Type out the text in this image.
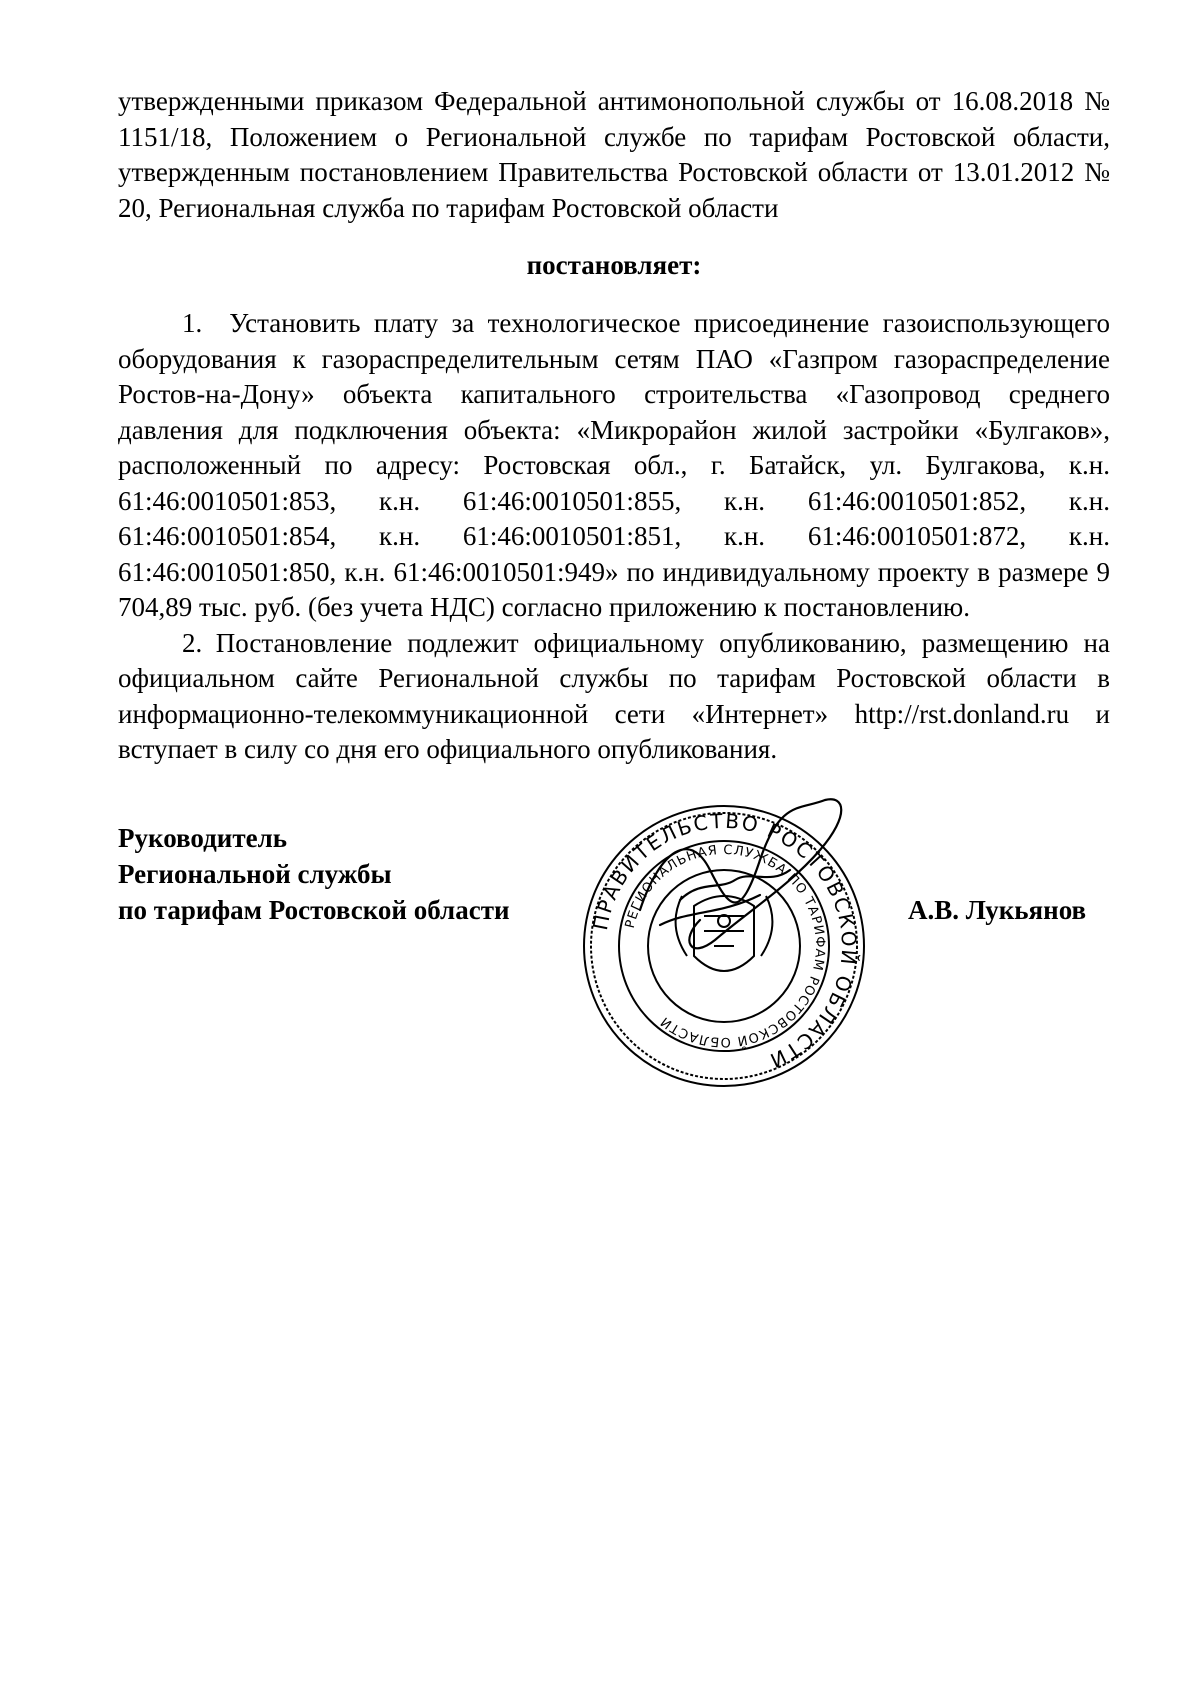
утвержденными приказом Федеральной антимонопольной службы от 16.08.2018 № 1151/18, Положением о Региональной службе по тарифам Ростовской области, утвержденным постановлением Правительства Ростовской области от 13.01.2012 № 20, Региональная служба по тарифам Ростовской области

постановляет:

1. Установить плату за технологическое присоединение газоиспользующего оборудования к газораспределительным сетям ПАО «Газпром газораспределение Ростов-на-Дону» объекта капитального строительства «Газопровод среднего давления для подключения объекта: «Микрорайон жилой застройки «Булгаков», расположенный по адресу: Ростовская обл., г. Батайск, ул. Булгакова, к.н. 61:46:0010501:853, к.н. 61:46:0010501:855, к.н. 61:46:0010501:852, к.н. 61:46:0010501:854, к.н. 61:46:0010501:851, к.н. 61:46:0010501:872, к.н. 61:46:0010501:850, к.н. 61:46:0010501:949» по индивидуальному проекту в размере 9 704,89 тыс. руб. (без учета НДС) согласно приложению к постановлению.

2. Постановление подлежит официальному опубликованию, размещению на официальном сайте Региональной службы по тарифам Ростовской области в информационно-телекоммуникационной сети «Интернет» http://rst.donland.ru и вступает в силу со дня его официального опубликования.

Руководитель
Региональной службы
по тарифам Ростовской области	ПРАВИТЕЛЬСТВО РОСТОВСКОЙ ОБЛАСТИ
РЕГИОНАЛЬНАЯ СЛУЖБА ПО ТАРИФАМ РОСТОВСКОЙ ОБЛАСТИ
А.В. Лукьянов
